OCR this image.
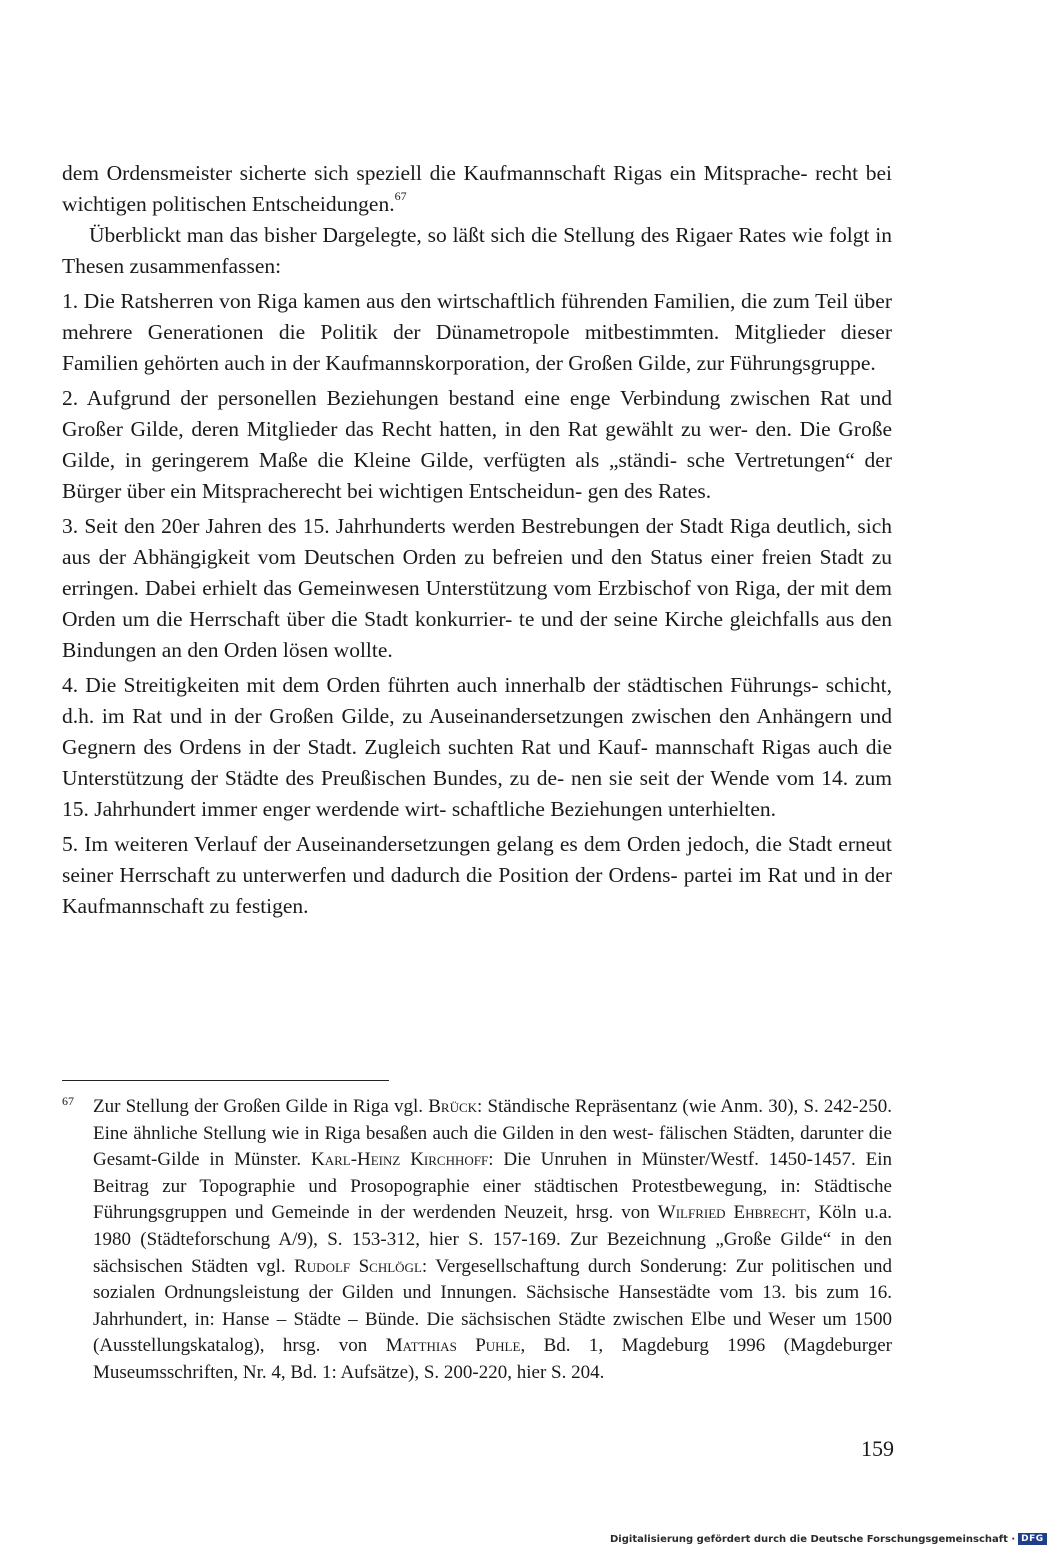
dem Ordensmeister sicherte sich speziell die Kaufmannschaft Rigas ein Mitsprache- recht bei wichtigen politischen Entscheidungen.$^{67}$

Überblickt man das bisher Dargelegte, so läßt sich die Stellung des Rigaer Rates wie folgt in Thesen zusammenfassen:

1. Die Ratsherren von Riga kamen aus den wirtschaftlich führenden Familien, die zum Teil über mehrere Generationen die Politik der Dünametropole mitbestimmten. Mitglieder dieser Familien gehörten auch in der Kaufmannskorporation, der Großen Gilde, zur Führungsgruppe.

2. Aufgrund der personellen Beziehungen bestand eine enge Verbindung zwischen Rat und Großer Gilde, deren Mitglieder das Recht hatten, in den Rat gewählt zu wer- den. Die Große Gilde, in geringerem Maße die Kleine Gilde, verfügten als „ständi- sche Vertretungen“ der Bürger über ein Mitspracherecht bei wichtigen Entscheidun- gen des Rates.

3. Seit den 20er Jahren des 15. Jahrhunderts werden Bestrebungen der Stadt Riga deutlich, sich aus der Abhängigkeit vom Deutschen Orden zu befreien und den Status einer freien Stadt zu erringen. Dabei erhielt das Gemeinwesen Unterstützung vom Erzbischof von Riga, der mit dem Orden um die Herrschaft über die Stadt konkurrier- te und der seine Kirche gleichfalls aus den Bindungen an den Orden lösen wollte.

4. Die Streitigkeiten mit dem Orden führten auch innerhalb der städtischen Führungs- schicht, d.h. im Rat und in der Großen Gilde, zu Auseinandersetzungen zwischen den Anhängern und Gegnern des Ordens in der Stadt. Zugleich suchten Rat und Kauf- mannschaft Rigas auch die Unterstützung der Städte des Preußischen Bundes, zu de- nen sie seit der Wende vom 14. zum 15. Jahrhundert immer enger werdende wirt- schaftliche Beziehungen unterhielten.

5. Im weiteren Verlauf der Auseinandersetzungen gelang es dem Orden jedoch, die Stadt erneut seiner Herrschaft zu unterwerfen und dadurch die Position der Ordens- partei im Rat und in der Kaufmannschaft zu festigen.

67 Zur Stellung der Großen Gilde in Riga vgl. Brück: Ständische Repräsentanz (wie Anm. 30), S. 242-250. Eine ähnliche Stellung wie in Riga besaßen auch die Gilden in den west- fälischen Städten, darunter die Gesamt-Gilde in Münster. Karl-Heinz Kirchhoff: Die Unruhen in Münster/Westf. 1450-1457. Ein Beitrag zur Topographie und Prosopographie einer städtischen Protestbewegung, in: Städtische Führungsgruppen und Gemeinde in der werdenden Neuzeit, hrsg. von Wilfried Ehbrecht, Köln u.a. 1980 (Städteforschung A/9), S. 153-312, hier S. 157-169. Zur Bezeichnung „Große Gilde“ in den sächsischen Städten vgl. Rudolf Schlögl: Vergesellschaftung durch Sonderung: Zur politischen und sozialen Ordnungsleistung der Gilden und Innungen. Sächsische Hansestädte vom 13. bis zum 16. Jahrhundert, in: Hanse – Städte – Bünde. Die sächsischen Städte zwischen Elbe und Weser um 1500 (Ausstellungskatalog), hrsg. von Matthias Puhle, Bd. 1, Magdeburg 1996 (Magdeburger Museumsschriften, Nr. 4, Bd. 1: Aufsätze), S. 200-220, hier S. 204.
159
Digitalisierung gefördert durch die Deutsche Forschungsgemeinschaft · DFG
